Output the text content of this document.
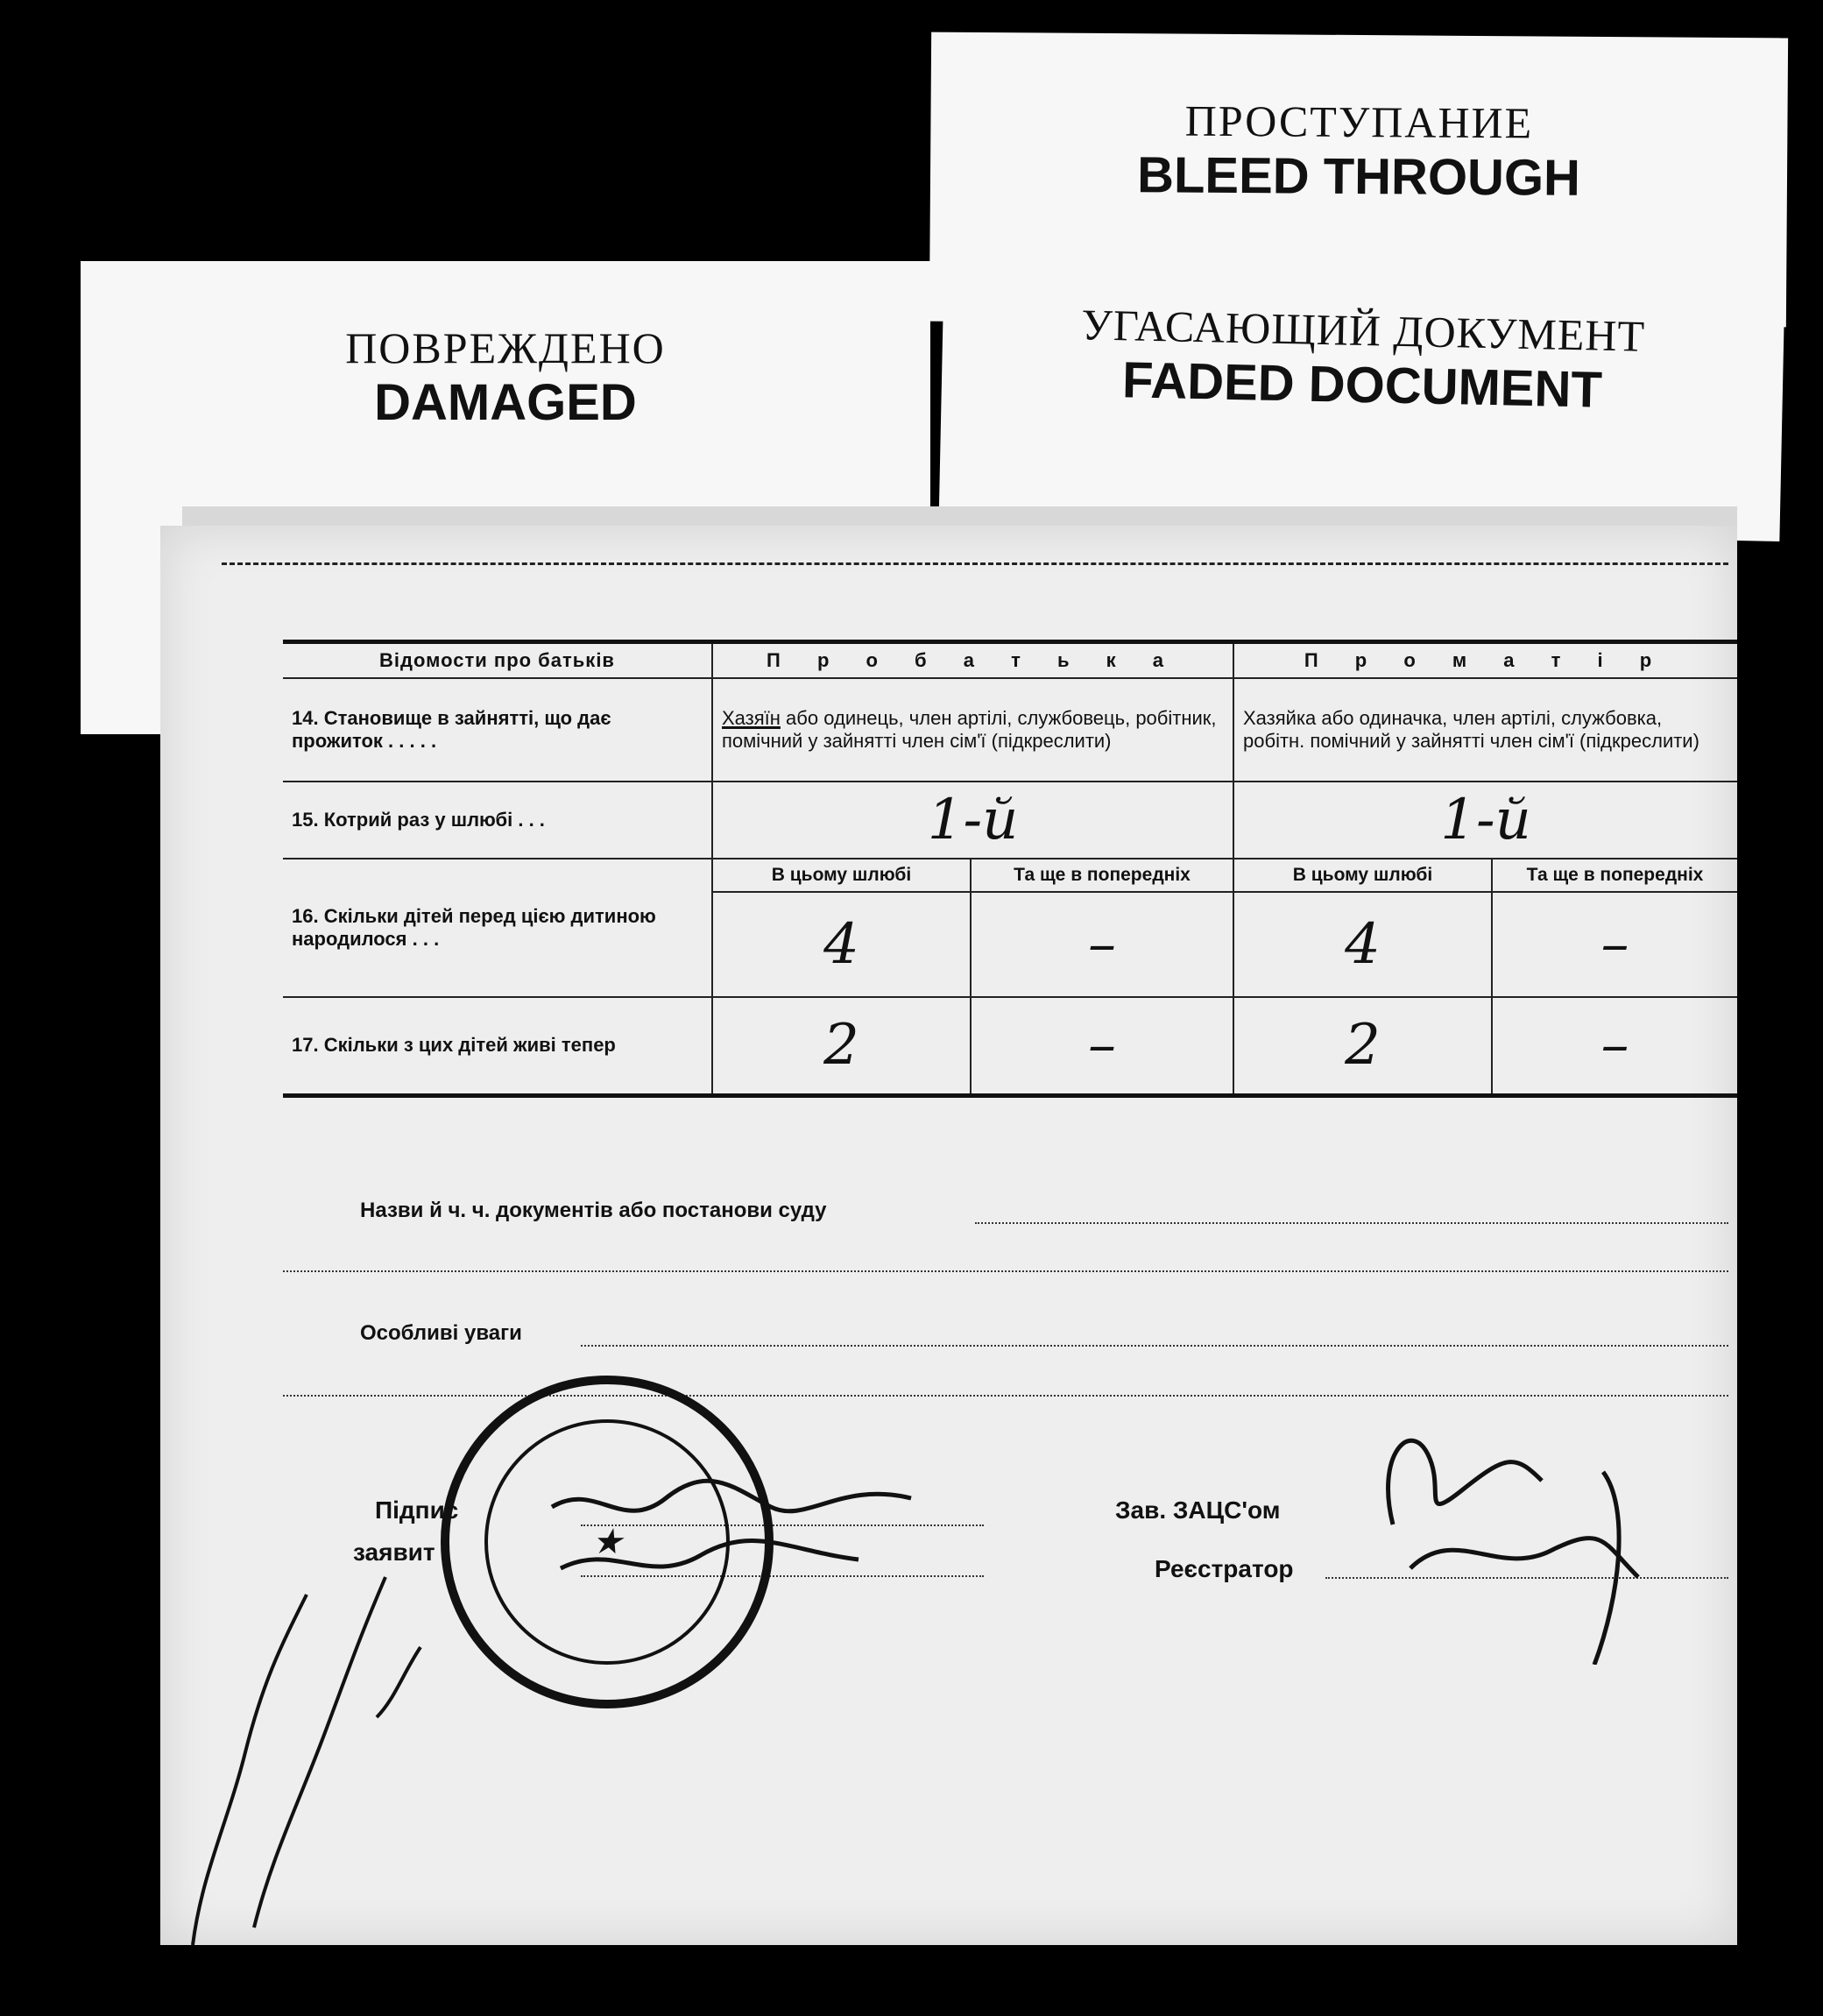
ПОВРЕЖДЕНО
DAMAGED
ПРОСТУПАНИЕ
BLEED THROUGH
УГАСАЮЩИЙ ДОКУМЕНТ
FADED DOCUMENT
Відомости про батьків	П р о б а т ь к а		П р о м а т і р	
14. Становище в зайнятті, що дає прожиток . . . . .	Хазяїн або одинець, член артілі, службовець, робітник, помічний у зайнятті член сім'ї (підкреслити)		Хазяйка або одиначка, член артілі, службовка, робітн. помічний у зайнятті член сім'ї (підкреслити)	
15. Котрий раз у шлюбі . . .	1-й		1-й	
16. Скільки дітей перед цією дитиною народилося . . .	В цьому шлюбі	Та ще в попередніх	В цьому шлюбі	Та ще в попередніх
	4	–	4	–
17. Скільки з цих дітей живі тепер	2	–	2	–
Назви й ч. ч. документів або постанови суду
Особливі уваги
Підпис
заявит
Зав. ЗАЦС'ом
Реєстратор
★
